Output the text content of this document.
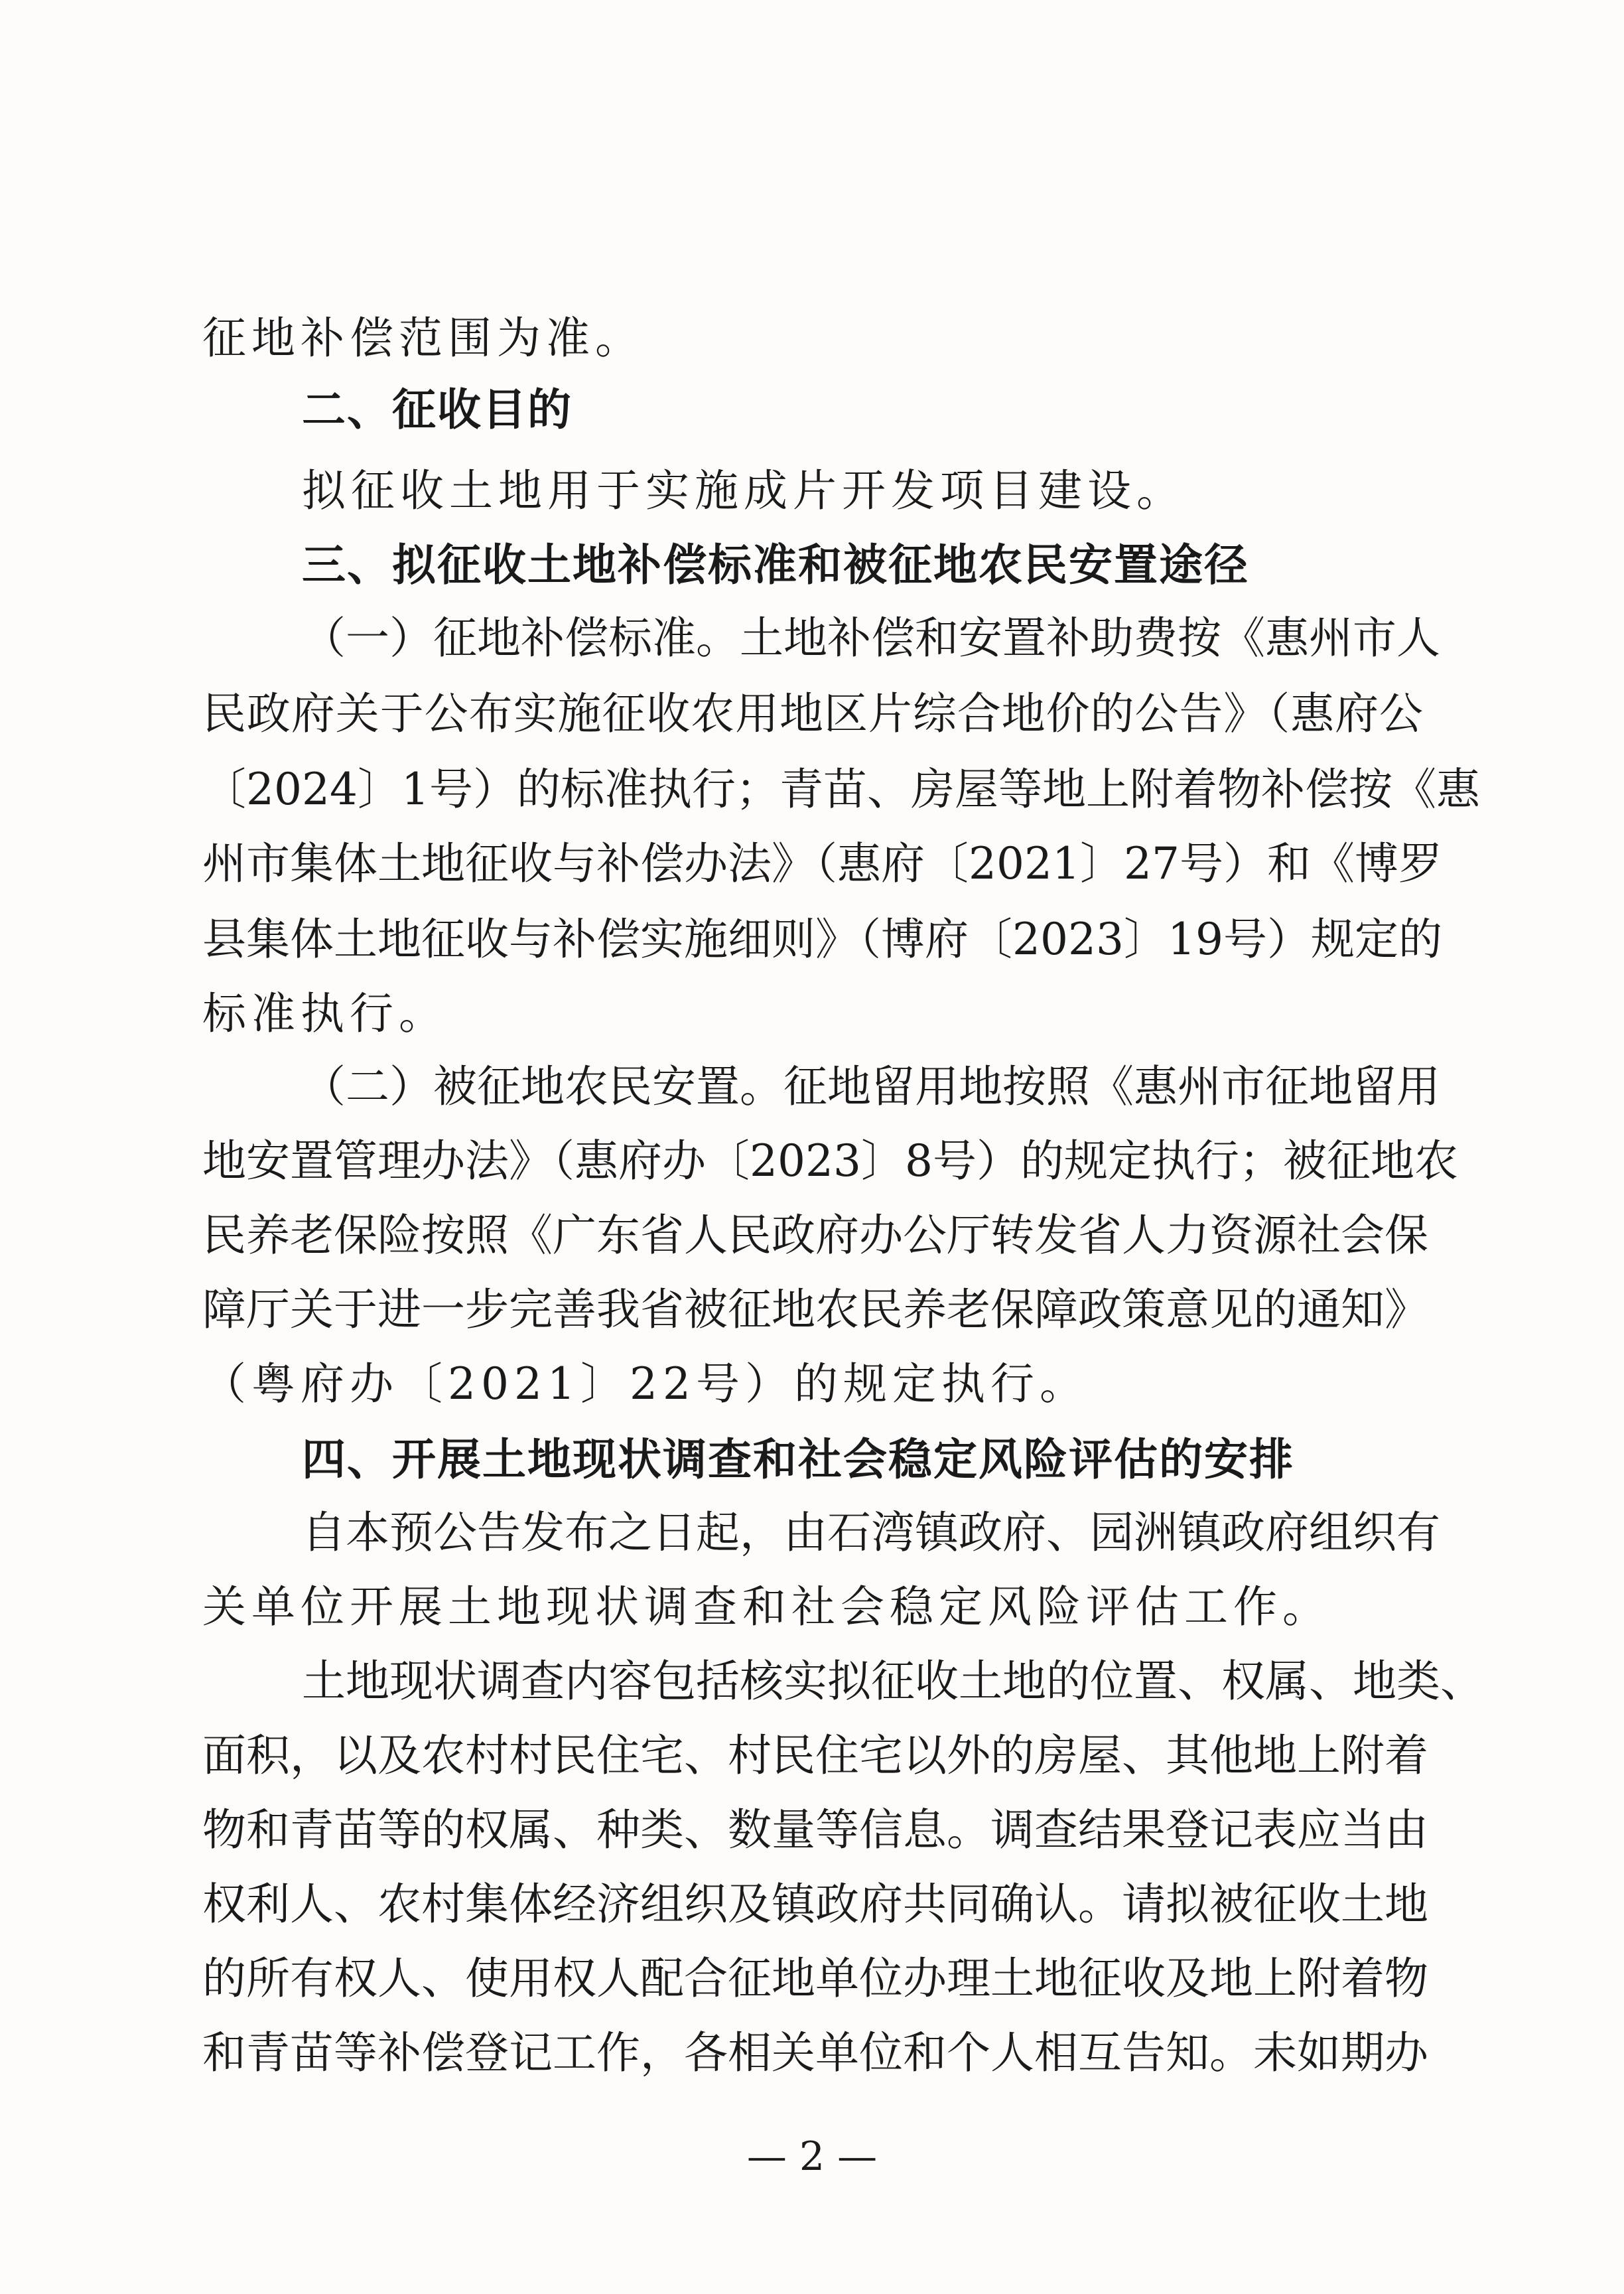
征地补偿范围为准。
二、征收目的
拟征收土地用于实施成片开发项目建设。
三、拟征收土地补偿标准和被征地农民安置途径
（一）征地补偿标准。土地补偿和安置补助费按《惠州市人
民政府关于公布实施征收农用地区片综合地价的公告》（惠府公
〔2024〕1号）的标准执行；青苗、房屋等地上附着物补偿按《惠
州市集体土地征收与补偿办法》（惠府〔2021〕27号）和《博罗
县集体土地征收与补偿实施细则》（博府〔2023〕19号）规定的
标准执行。
（二）被征地农民安置。征地留用地按照《惠州市征地留用
地安置管理办法》（惠府办〔2023〕8号）的规定执行；被征地农
民养老保险按照《广东省人民政府办公厅转发省人力资源社会保
障厅关于进一步完善我省被征地农民养老保障政策意见的通知》
（粤府办〔2021〕22号）的规定执行。
四、开展土地现状调查和社会稳定风险评估的安排
自本预公告发布之日起，由石湾镇政府、园洲镇政府组织有
关单位开展土地现状调查和社会稳定风险评估工作。
土地现状调查内容包括核实拟征收土地的位置、权属、地类、
面积，以及农村村民住宅、村民住宅以外的房屋、其他地上附着
物和青苗等的权属、种类、数量等信息。调查结果登记表应当由
权利人、农村集体经济组织及镇政府共同确认。请拟被征收土地
的所有权人、使用权人配合征地单位办理土地征收及地上附着物
和青苗等补偿登记工作，各相关单位和个人相互告知。未如期办
— 2 —
